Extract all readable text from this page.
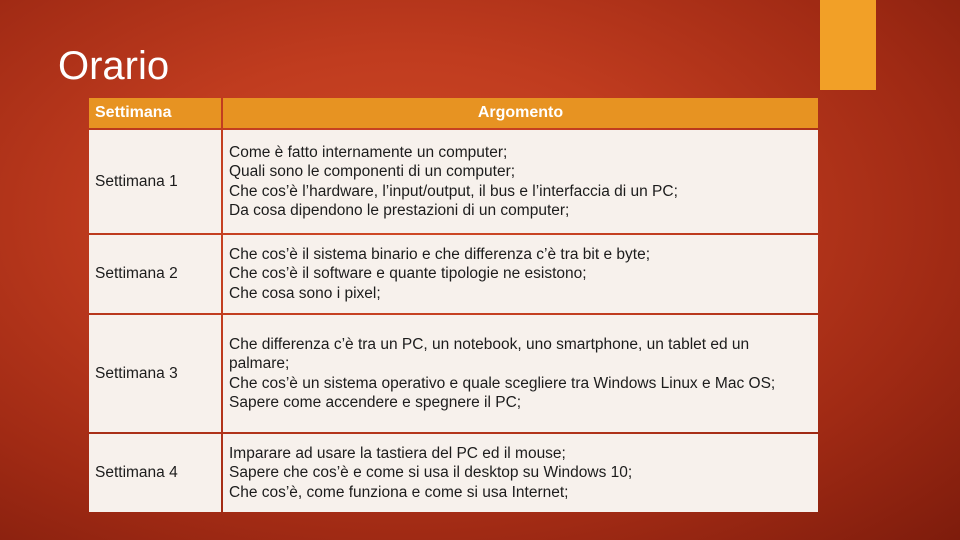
Orario
Settimana	Argomento
Settimana 1	Come è fatto internamente un computer;
Quali sono le componenti di un computer;
Che cos’è l’hardware, l’input/output, il bus e l’interfaccia di un PC;
Da cosa dipendono le prestazioni di un computer;

Settimana 2	Che cos’è il sistema binario e che differenza c’è tra bit e byte;
Che cos’è il software e quante tipologie ne esistono;
Che cosa sono i pixel;

Settimana 3	Che differenza c’è tra un PC, un notebook, uno smartphone, un tablet ed un palmare;
Che cos’è un sistema operativo e quale scegliere tra Windows Linux e Mac OS;
Sapere come accendere e spegnere il PC;

Settimana 4	Imparare ad usare la tastiera del PC ed il mouse;
Sapere che cos’è e come si usa il desktop su Windows 10;
Che cos’è, come funziona e come si usa Internet;
